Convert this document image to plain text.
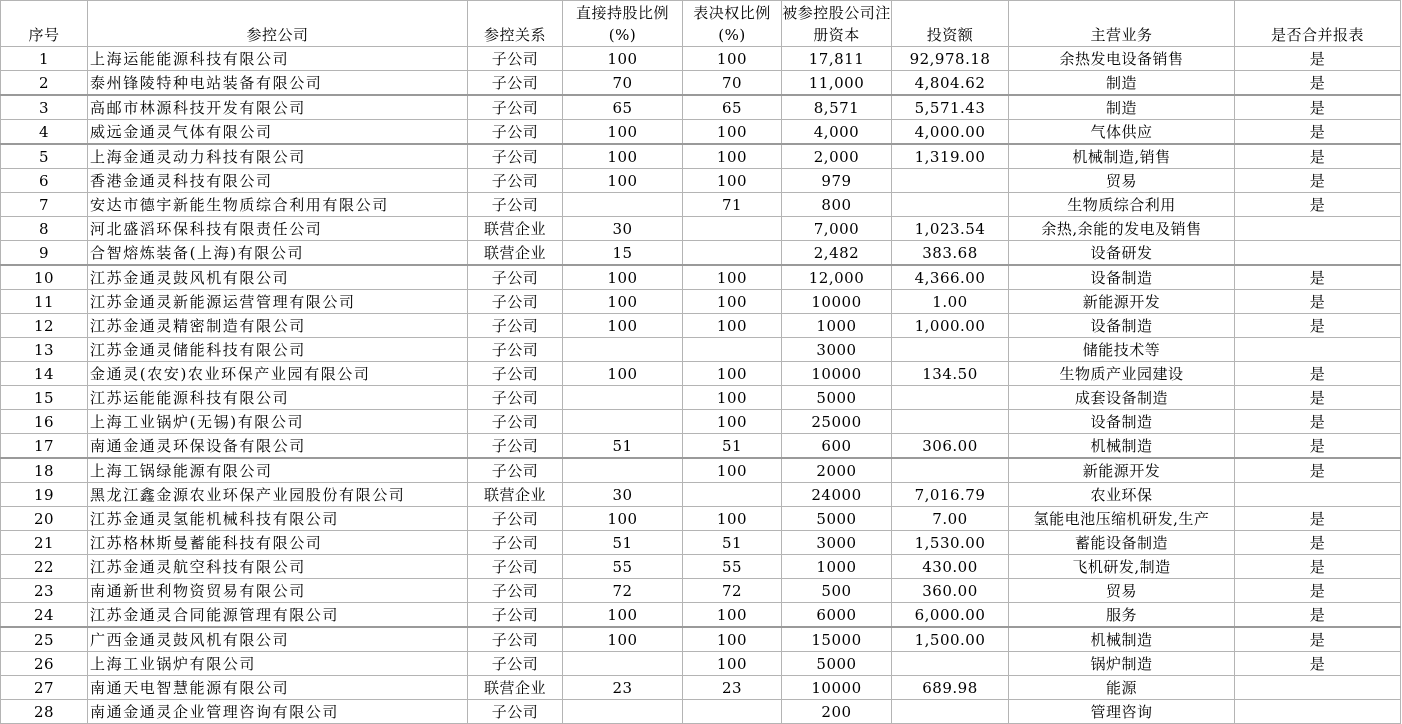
序号	参控公司	参控关系	直接持股比例(%)	表决权比例(%)	被参控股公司注册资本	投资额	主营业务	是否合并报表
1	上海运能能源科技有限公司	子公司	100	100	17,811	92,978.18	余热发电设备销售	是
2	泰州锋陵特种电站装备有限公司	子公司	70	70	11,000	4,804.62	制造	是
3	高邮市林源科技开发有限公司	子公司	65	65	8,571	5,571.43	制造	是
4	威远金通灵气体有限公司	子公司	100	100	4,000	4,000.00	气体供应	是
5	上海金通灵动力科技有限公司	子公司	100	100	2,000	1,319.00	机械制造,销售	是
6	香港金通灵科技有限公司	子公司	100	100	979		贸易	是
7	安达市德宇新能生物质综合利用有限公司	子公司		71	800		生物质综合利用	是
8	河北盛滔环保科技有限责任公司	联营企业	30		7,000	1,023.54	余热,余能的发电及销售	
9	合智熔炼装备(上海)有限公司	联营企业	15		2,482	383.68	设备研发	
10	江苏金通灵鼓风机有限公司	子公司	100	100	12,000	4,366.00	设备制造	是
11	江苏金通灵新能源运营管理有限公司	子公司	100	100	10000	1.00	新能源开发	是
12	江苏金通灵精密制造有限公司	子公司	100	100	1000	1,000.00	设备制造	是
13	江苏金通灵储能科技有限公司	子公司			3000		储能技术等	
14	金通灵(农安)农业环保产业园有限公司	子公司	100	100	10000	134.50	生物质产业园建设	是
15	江苏运能能源科技有限公司	子公司		100	5000		成套设备制造	是
16	上海工业锅炉(无锡)有限公司	子公司		100	25000		设备制造	是
17	南通金通灵环保设备有限公司	子公司	51	51	600	306.00	机械制造	是
18	上海工锅绿能源有限公司	子公司		100	2000		新能源开发	是
19	黑龙江鑫金源农业环保产业园股份有限公司	联营企业	30		24000	7,016.79	农业环保	
20	江苏金通灵氢能机械科技有限公司	子公司	100	100	5000	7.00	氢能电池压缩机研发,生产	是
21	江苏格林斯曼蓄能科技有限公司	子公司	51	51	3000	1,530.00	蓄能设备制造	是
22	江苏金通灵航空科技有限公司	子公司	55	55	1000	430.00	飞机研发,制造	是
23	南通新世利物资贸易有限公司	子公司	72	72	500	360.00	贸易	是
24	江苏金通灵合同能源管理有限公司	子公司	100	100	6000	6,000.00	服务	是
25	广西金通灵鼓风机有限公司	子公司	100	100	15000	1,500.00	机械制造	是
26	上海工业锅炉有限公司	子公司		100	5000		锅炉制造	是
27	南通天电智慧能源有限公司	联营企业	23	23	10000	689.98	能源	
28	南通金通灵企业管理咨询有限公司	子公司			200		管理咨询	
